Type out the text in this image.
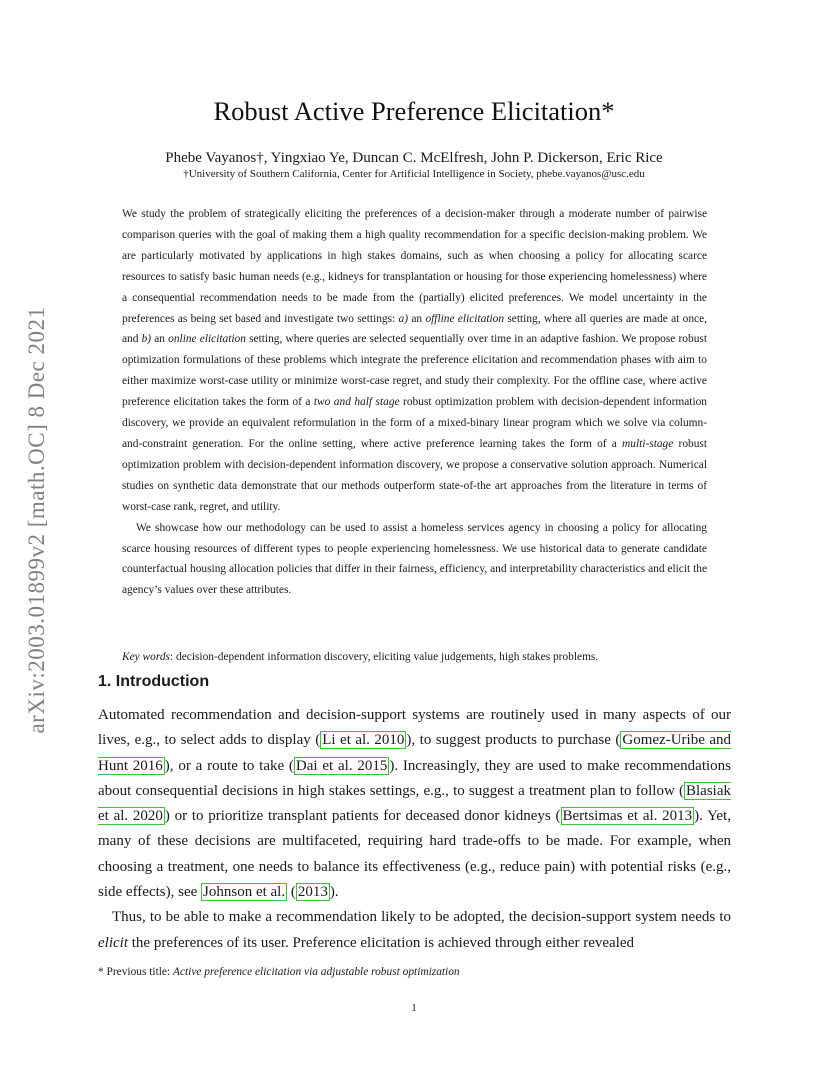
arXiv:2003.01899v2 [math.OC] 8 Dec 2021
Robust Active Preference Elicitation*
Phebe Vayanos†, Yingxiao Ye, Duncan C. McElfresh, John P. Dickerson, Eric Rice
†University of Southern California, Center for Artificial Intelligence in Society, phebe.vayanos@usc.edu

We study the problem of strategically eliciting the preferences of a decision-maker through a moderate number of pairwise comparison queries with the goal of making them a high quality recommendation for a specific decision-making problem. We are particularly motivated by applications in high stakes domains, such as when choosing a policy for allocating scarce resources to satisfy basic human needs (e.g., kidneys for transplantation or housing for those experiencing homelessness) where a consequential recommendation needs to be made from the (partially) elicited preferences. We model uncertainty in the preferences as being set based and investigate two settings: a) an offline elicitation setting, where all queries are made at once, and b) an online elicitation setting, where queries are selected sequentially over time in an adaptive fashion. We propose robust optimization formulations of these problems which integrate the preference elicitation and recommendation phases with aim to either maximize worst-case utility or minimize worst-case regret, and study their complexity. For the offline case, where active preference elicitation takes the form of a two and half stage robust optimization problem with decision-dependent information discovery, we provide an equivalent reformulation in the form of a mixed-binary linear program which we solve via column-and-constraint generation. For the online setting, where active preference learning takes the form of a multi-stage robust optimization problem with decision-dependent information discovery, we propose a conservative solution approach. Numerical studies on synthetic data demonstrate that our methods outperform state-of-the art approaches from the literature in terms of worst-case rank, regret, and utility.

We showcase how our methodology can be used to assist a homeless services agency in choosing a policy for allocating scarce housing resources of different types to people experiencing homelessness. We use historical data to generate candidate counterfactual housing allocation policies that differ in their fairness, efficiency, and interpretability characteristics and elicit the agency’s values over these attributes.

Key words: decision-dependent information discovery, eliciting value judgements, high stakes problems.
1. Introduction

Automated recommendation and decision-support systems are routinely used in many aspects of our lives, e.g., to select adds to display ( Li et al. 2010 ), to suggest products to purchase ( Gomez-Uribe and Hunt 2016 ), or a route to take ( Dai et al. 2015 ). Increasingly, they are used to make recommendations about consequential decisions in high stakes settings, e.g., to suggest a treatment plan to follow ( Blasiak et al. 2020 ) or to prioritize transplant patients for deceased donor kidneys ( Bertsimas et al. 2013 ). Yet, many of these decisions are multifaceted, requiring hard trade-offs to be made. For example, when choosing a treatment, one needs to balance its effectiveness (e.g., reduce pain) with potential risks (e.g., side effects), see Johnson et al. ( 2013 ).

Thus, to be able to make a recommendation likely to be adopted, the decision-support system needs to elicit the preferences of its user. Preference elicitation is achieved through either revealed

* Previous title: Active preference elicitation via adjustable robust optimization
1
